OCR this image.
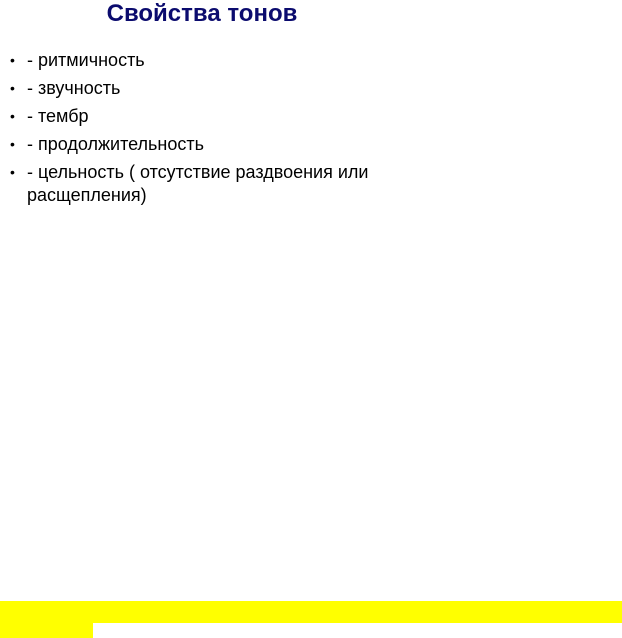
Свойства тонов
• - ритмичность
• - звучность
• - тембр
• - продолжительность
• - цельность ( отсутствие раздвоения или расщепления)
